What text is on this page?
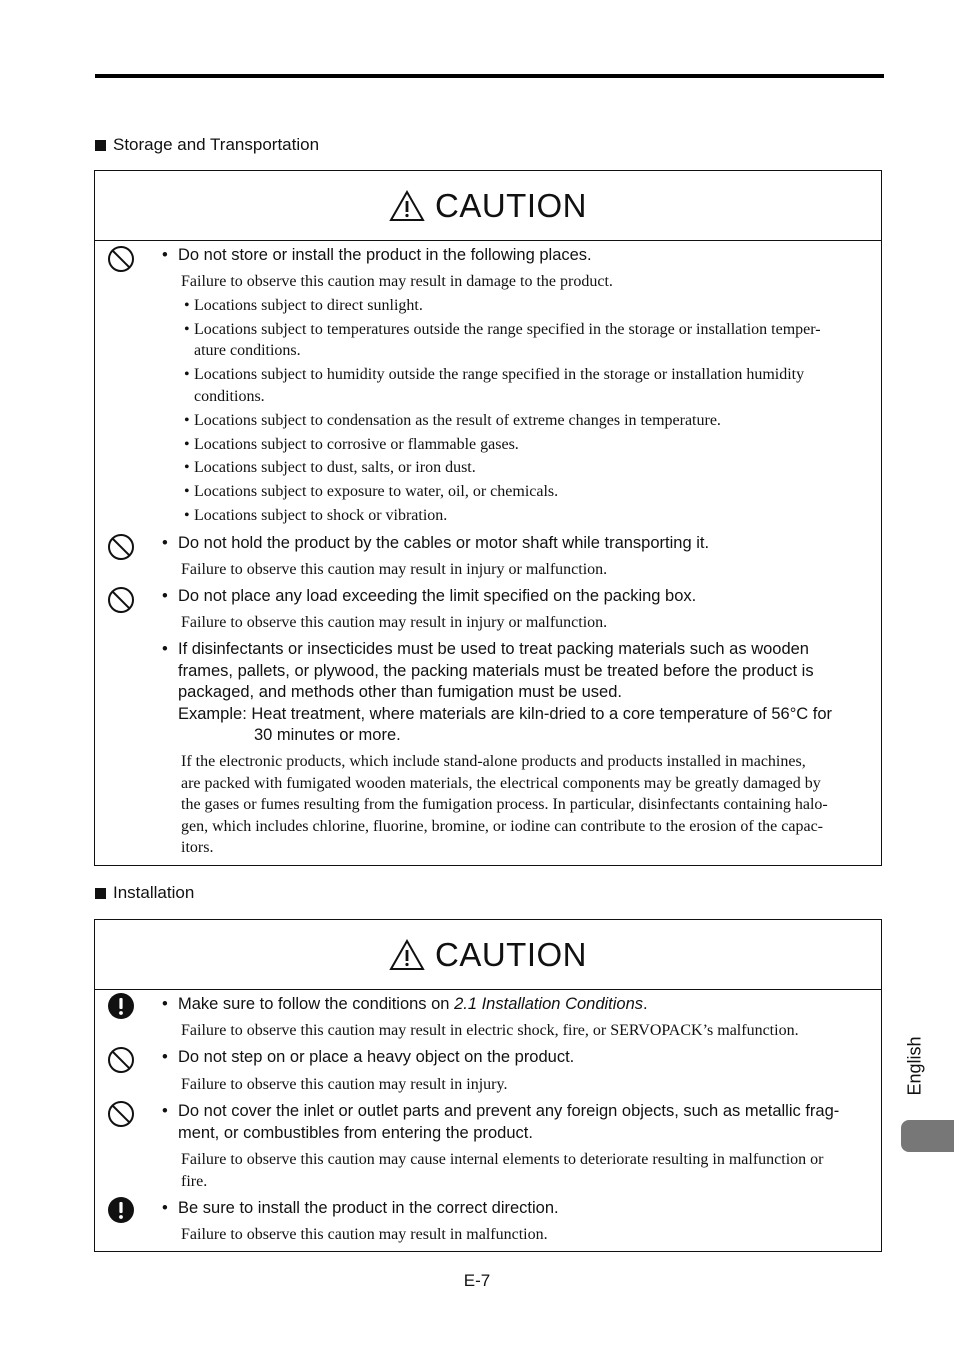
Storage and Transportation
CAUTION
• Do not store or install the product in the following places.
Failure to observe this caution may result in damage to the product.
• Locations subject to direct sunlight.
• Locations subject to temperatures outside the range specified in the storage or installation temper-
ature conditions.
• Locations subject to humidity outside the range specified in the storage or installation humidity
conditions.
• Locations subject to condensation as the result of extreme changes in temperature.
• Locations subject to corrosive or flammable gases.
• Locations subject to dust, salts, or iron dust.
• Locations subject to exposure to water, oil, or chemicals.
• Locations subject to shock or vibration.
• Do not hold the product by the cables or motor shaft while transporting it.
Failure to observe this caution may result in injury or malfunction.
• Do not place any load exceeding the limit specified on the packing box.
Failure to observe this caution may result in injury or malfunction.
• If disinfectants or insecticides must be used to treat packing materials such as wooden
frames, pallets, or plywood, the packing materials must be treated before the product is
packaged, and methods other than fumigation must be used.
Example: Heat treatment, where materials are kiln-dried to a core temperature of 56°C for
30 minutes or more.
If the electronic products, which include stand-alone products and products installed in machines,
are packed with fumigated wooden materials, the electrical components may be greatly damaged by
the gases or fumes resulting from the fumigation process. In particular, disinfectants containing halo-
gen, which includes chlorine, fluorine, bromine, or iodine can contribute to the erosion of the capac-
itors.
Installation
CAUTION
• Make sure to follow the conditions on 2.1 Installation Conditions.
Failure to observe this caution may result in electric shock, fire, or SERVOPACK’s malfunction.
• Do not step on or place a heavy object on the product.
Failure to observe this caution may result in injury.
• Do not cover the inlet or outlet parts and prevent any foreign objects, such as metallic frag-
ment, or combustibles from entering the product.
Failure to observe this caution may cause internal elements to deteriorate resulting in malfunction or
fire.
• Be sure to install the product in the correct direction.
Failure to observe this caution may result in malfunction.
English
E-7
